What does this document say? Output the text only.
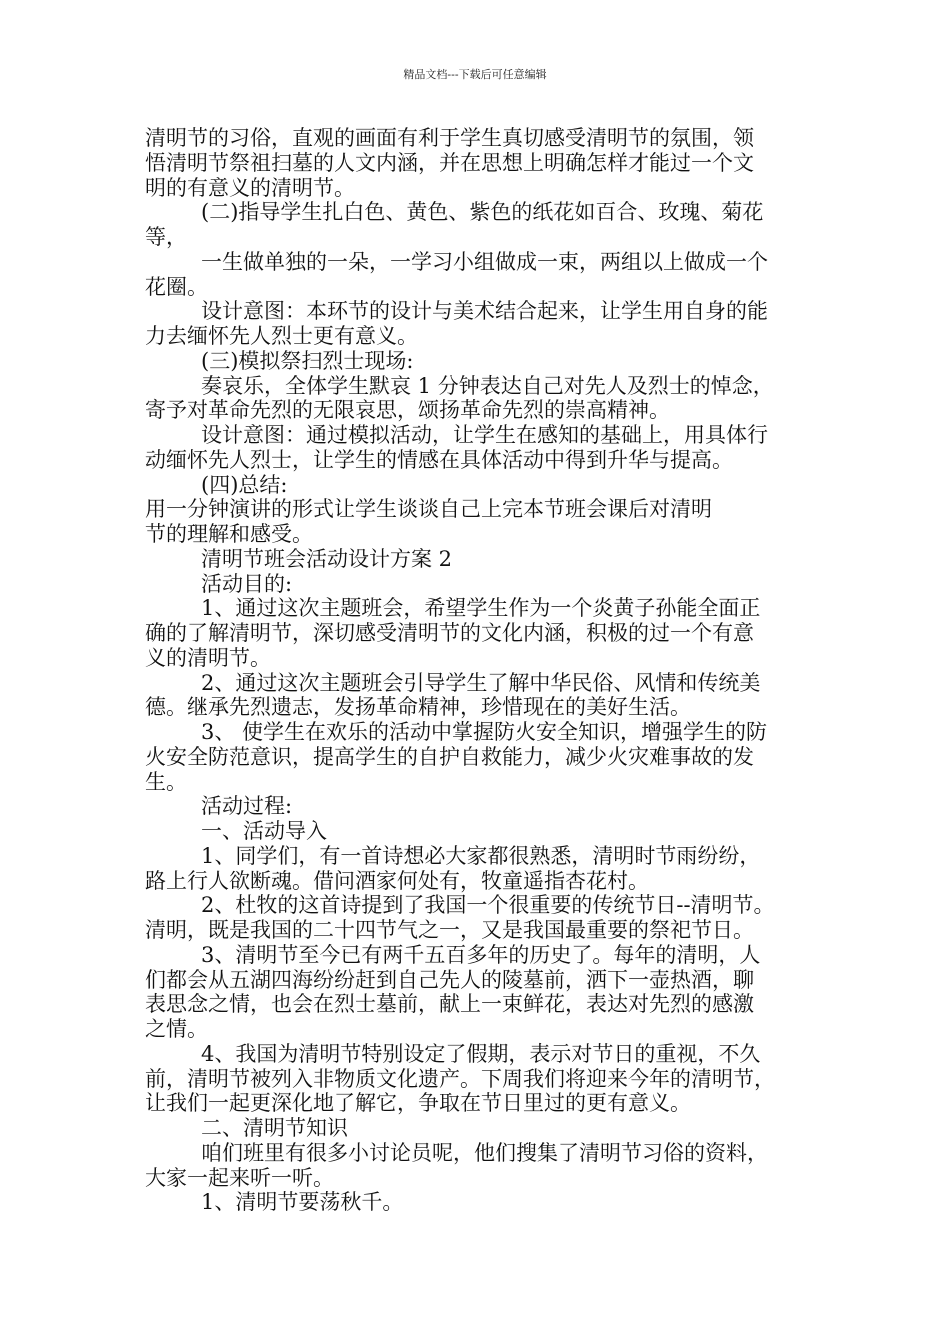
精品文档---下载后可任意编辑
清明节的习俗，直观的画面有利于学生真切感受清明节的氛围，领
悟清明节祭祖扫墓的人文内涵，并在思想上明确怎样才能过一个文
明的有意义的清明节。
(二)指导学生扎白色、黄色、紫色的纸花如百合、玫瑰、菊花
等，
一生做单独的一朵，一学习小组做成一束，两组以上做成一个
花圈。
设计意图：本环节的设计与美术结合起来，让学生用自身的能
力去缅怀先人烈士更有意义。
(三)模拟祭扫烈士现场:
奏哀乐，全体学生默哀 1 分钟表达自己对先人及烈士的悼念，
寄予对革命先烈的无限哀思，颂扬革命先烈的崇高精神。
设计意图：通过模拟活动，让学生在感知的基础上，用具体行
动缅怀先人烈士，让学生的情感在具体活动中得到升华与提高。
(四)总结:
用一分钟演讲的形式让学生谈谈自己上完本节班会课后对清明
节的理解和感受。
清明节班会活动设计方案 2
活动目的:
1、通过这次主题班会，希望学生作为一个炎黄子孙能全面正
确的了解清明节，深切感受清明节的文化内涵，积极的过一个有意
义的清明节。
2、通过这次主题班会引导学生了解中华民俗、风情和传统美
德。继承先烈遗志，发扬革命精神，珍惜现在的美好生活。
3、 使学生在欢乐的活动中掌握防火安全知识，增强学生的防
火安全防范意识，提高学生的自护自救能力，减少火灾难事故的发
生。
活动过程:
一、活动导入
1、同学们，有一首诗想必大家都很熟悉，清明时节雨纷纷，
路上行人欲断魂。借问酒家何处有，牧童遥指杏花村。
2、杜牧的这首诗提到了我国一个很重要的传统节日--清明节。
清明，既是我国的二十四节气之一，又是我国最重要的祭祀节日。
3、清明节至今已有两千五百多年的历史了。每年的清明，人
们都会从五湖四海纷纷赶到自己先人的陵墓前，洒下一壶热酒，聊
表思念之情，也会在烈士墓前，献上一束鲜花，表达对先烈的感激
之情。
4、我国为清明节特别设定了假期，表示对节日的重视，不久
前，清明节被列入非物质文化遗产。下周我们将迎来今年的清明节，
让我们一起更深化地了解它，争取在节日里过的更有意义。
二、清明节知识
咱们班里有很多小讨论员呢，他们搜集了清明节习俗的资料，
大家一起来听一听。
1、清明节要荡秋千。
